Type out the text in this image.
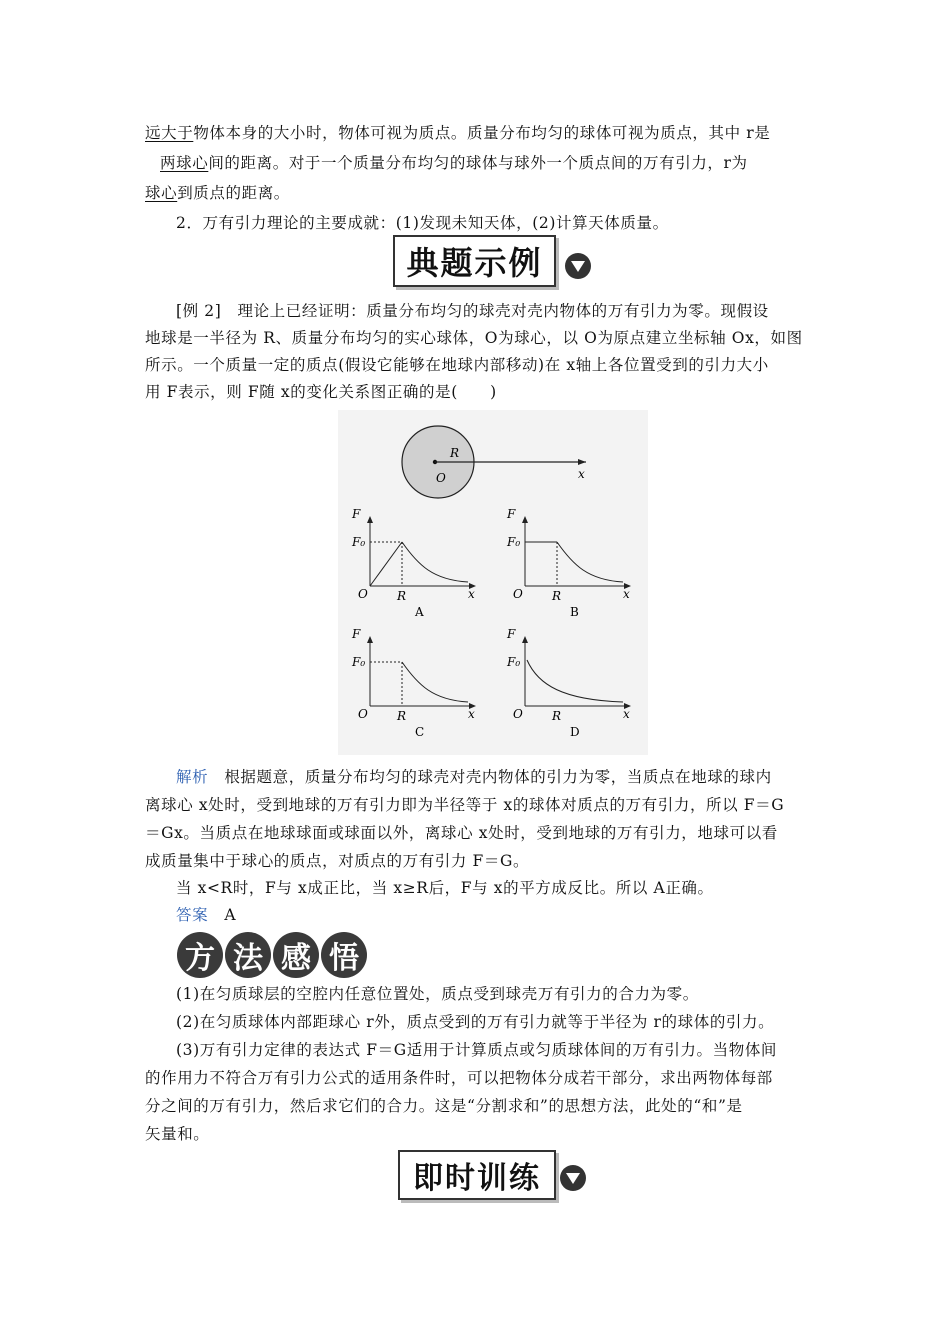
远大于物体本身的大小时，物体可视为质点。质量分布均匀的球体可视为质点，其中 r是
两球心间的距离。对于一个质量分布均匀的球体与球外一个质点间的万有引力，r为
球心到质点的距离。
2．万有引力理论的主要成就：(1)发现未知天体，(2)计算天体质量。
典题示例
[例 2]　理论上已经证明：质量分布均匀的球壳对壳内物体的万有引力为零。现假设
地球是一半径为 R、质量分布均匀的实心球体，O为球心，以 O为原点建立坐标轴 Ox，如图
所示。一个质量一定的质点(假设它能够在地球内部移动)在 x轴上各位置受到的引力大小
用 F表示，则 F随 x的变化关系图正确的是(　　)
R
O	x
F
F₀
O R	x
A
F
F₀
O R	x
B
F
F₀
O R	x
C
F
F₀
O R	x
D
解析　 根据题意，质量分布均匀的球壳对壳内物体的引力为零，当质点在地球的球内
离球心 x处时，受到地球的万有引力即为半径等于 x的球体对质点的万有引力，所以 F＝G
＝Gx。当质点在地球球面或球面以外，离球心 x处时，受到地球的万有引力，地球可以看
成质量集中于球心的质点，对质点的万有引力 F＝G。
当 x<R时，F与 x成正比，当 x≥R后，F与 x的平方成反比。所以 A正确。
答案　 A
方 法 感 悟
(1)在匀质球层的空腔内任意位置处，质点受到球壳万有引力的合力为零。
(2)在匀质球体内部距球心 r外，质点受到的万有引力就等于半径为 r的球体的引力。
(3)万有引力定律的表达式 F＝G适用于计算质点或匀质球体间的万有引力。当物体间
的作用力不符合万有引力公式的适用条件时，可以把物体分成若干部分，求出两物体每部
分之间的万有引力，然后求它们的合力。这是“分割求和”的思想方法，此处的“和”是
矢量和。
即时训练
